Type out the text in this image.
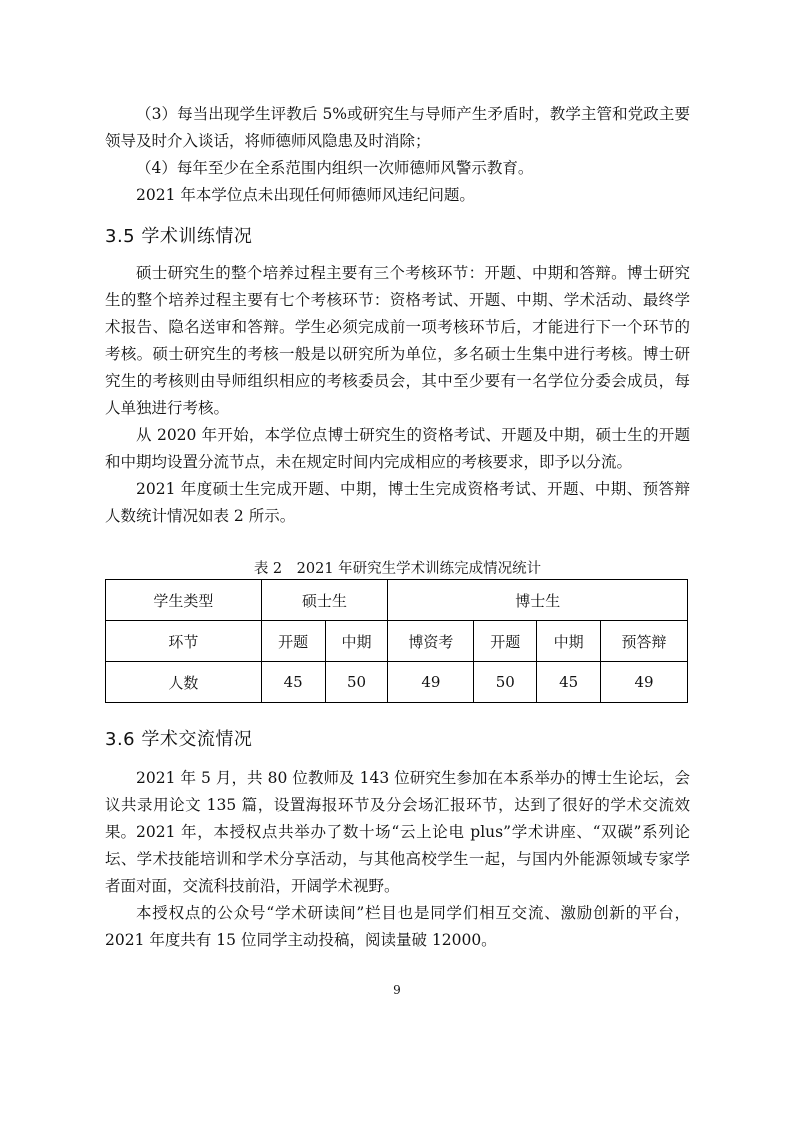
（3）每当出现学生评教后 5%或研究生与导师产生矛盾时，教学主管和党政主要领导及时介入谈话，将师德师风隐患及时消除；

（4）每年至少在全系范围内组织一次师德师风警示教育。

2021 年本学位点未出现任何师德师风违纪问题。

3.5 学术训练情况

硕士研究生的整个培养过程主要有三个考核环节：开题、中期和答辩。博士研究生的整个培养过程主要有七个考核环节：资格考试、开题、中期、学术活动、最终学术报告、隐名送审和答辩。学生必须完成前一项考核环节后，才能进行下一个环节的考核。硕士研究生的考核一般是以研究所为单位，多名硕士生集中进行考核。博士研究生的考核则由导师组织相应的考核委员会，其中至少要有一名学位分委会成员，每人单独进行考核。

从 2020 年开始，本学位点博士研究生的资格考试、开题及中期，硕士生的开题和中期均设置分流节点，未在规定时间内完成相应的考核要求，即予以分流。

2021 年度硕士生完成开题、中期，博士生完成资格考试、开题、中期、预答辩人数统计情况如表 2 所示。

表 2　2021 年研究生学术训练完成情况统计

学生类型	硕士生		博士生			
环节	开题	中期	博资考	开题	中期	预答辩
人数	45	50	49	50	45	49
3.6 学术交流情况

2021 年 5 月，共 80 位教师及 143 位研究生参加在本系举办的博士生论坛，会议共录用论文 135 篇，设置海报环节及分会场汇报环节，达到了很好的学术交流效果。 2021 年，本授权点共举办了数十场“云上论电 plus”学术讲座、“双碳”系列论坛、学术技能培训和学术分享活动，与其他高校学生一起，与国内外能源领域专家学者面对面，交流科技前沿，开阔学术视野。

本授权点的公众号“学术研读间”栏目也是同学们相互交流、激励创新的平台，2021 年度共有 15 位同学主动投稿，阅读量破 12000。

9
